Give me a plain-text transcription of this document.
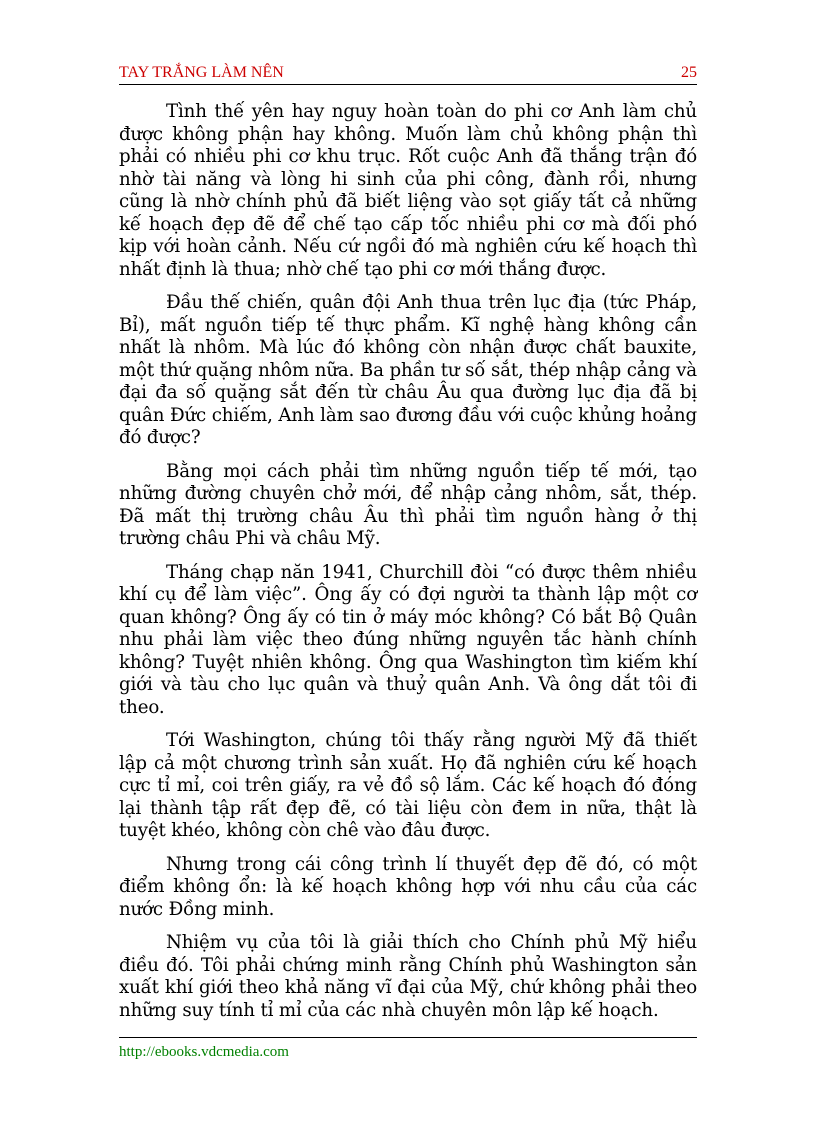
TAY TRẮNG LÀM NÊN	25

Tình thế yên hay nguy hoàn toàn do phi cơ Anh làm chủ được không phận hay không. Muốn làm chủ không phận thì phải có nhiều phi cơ khu trục. Rốt cuộc Anh đã thắng trận đó nhờ tài năng và lòng hi sinh của phi công, đành rồi, nhưng cũng là nhờ chính phủ đã biết liệng vào sọt giấy tất cả những kế hoạch đẹp đẽ để chế tạo cấp tốc nhiều phi cơ mà đối phó kịp với hoàn cảnh. Nếu cứ ngồi đó mà nghiên cứu kế hoạch thì nhất định là thua; nhờ chế tạo phi cơ mới thắng được.

Đầu thế chiến, quân đội Anh thua trên lục địa (tức Pháp, Bỉ), mất nguồn tiếp tế thực phẩm. Kĩ nghệ hàng không cần nhất là nhôm. Mà lúc đó không còn nhận được chất bauxite, một thứ quặng nhôm nữa. Ba phần tư số sắt, thép nhập cảng và đại đa số quặng sắt đến từ châu Âu qua đường lục địa đã bị quân Đức chiếm, Anh làm sao đương đầu với cuộc khủng hoảng đó được?

Bằng mọi cách phải tìm những nguồn tiếp tế mới, tạo những đường chuyên chở mới, để nhập cảng nhôm, sắt, thép. Đã mất thị trường châu Âu thì phải tìm nguồn hàng ở thị trường châu Phi và châu Mỹ.

Tháng chạp năn 1941, Churchill đòi “có được thêm nhiều khí cụ để làm việc”. Ông ấy có đợi người ta thành lập một cơ quan không? Ông ấy có tin ở máy móc không? Có bắt Bộ Quân nhu phải làm việc theo đúng những nguyên tắc hành chính không? Tuyệt nhiên không. Ông qua Washington tìm kiếm khí giới và tàu cho lục quân và thuỷ quân Anh. Và ông dắt tôi đi theo.

Tới Washington, chúng tôi thấy rằng người Mỹ đã thiết lập cả một chương trình sản xuất. Họ đã nghiên cứu kế hoạch cực tỉ mỉ, coi trên giấy, ra vẻ đồ sộ lắm. Các kế hoạch đó đóng lại thành tập rất đẹp đẽ, có tài liệu còn đem in nữa, thật là tuyệt khéo, không còn chê vào đâu được.

Nhưng trong cái công trình lí thuyết đẹp đẽ đó, có một điểm không ổn: là kế hoạch không hợp với nhu cầu của các nước Đồng minh.

Nhiệm vụ của tôi là giải thích cho Chính phủ Mỹ hiểu điều đó. Tôi phải chứng minh rằng Chính phủ Washington sản xuất khí giới theo khả năng vĩ đại của Mỹ, chứ không phải theo những suy tính tỉ mỉ của các nhà chuyên môn lập kế hoạch.

http://ebooks.vdcmedia.com
